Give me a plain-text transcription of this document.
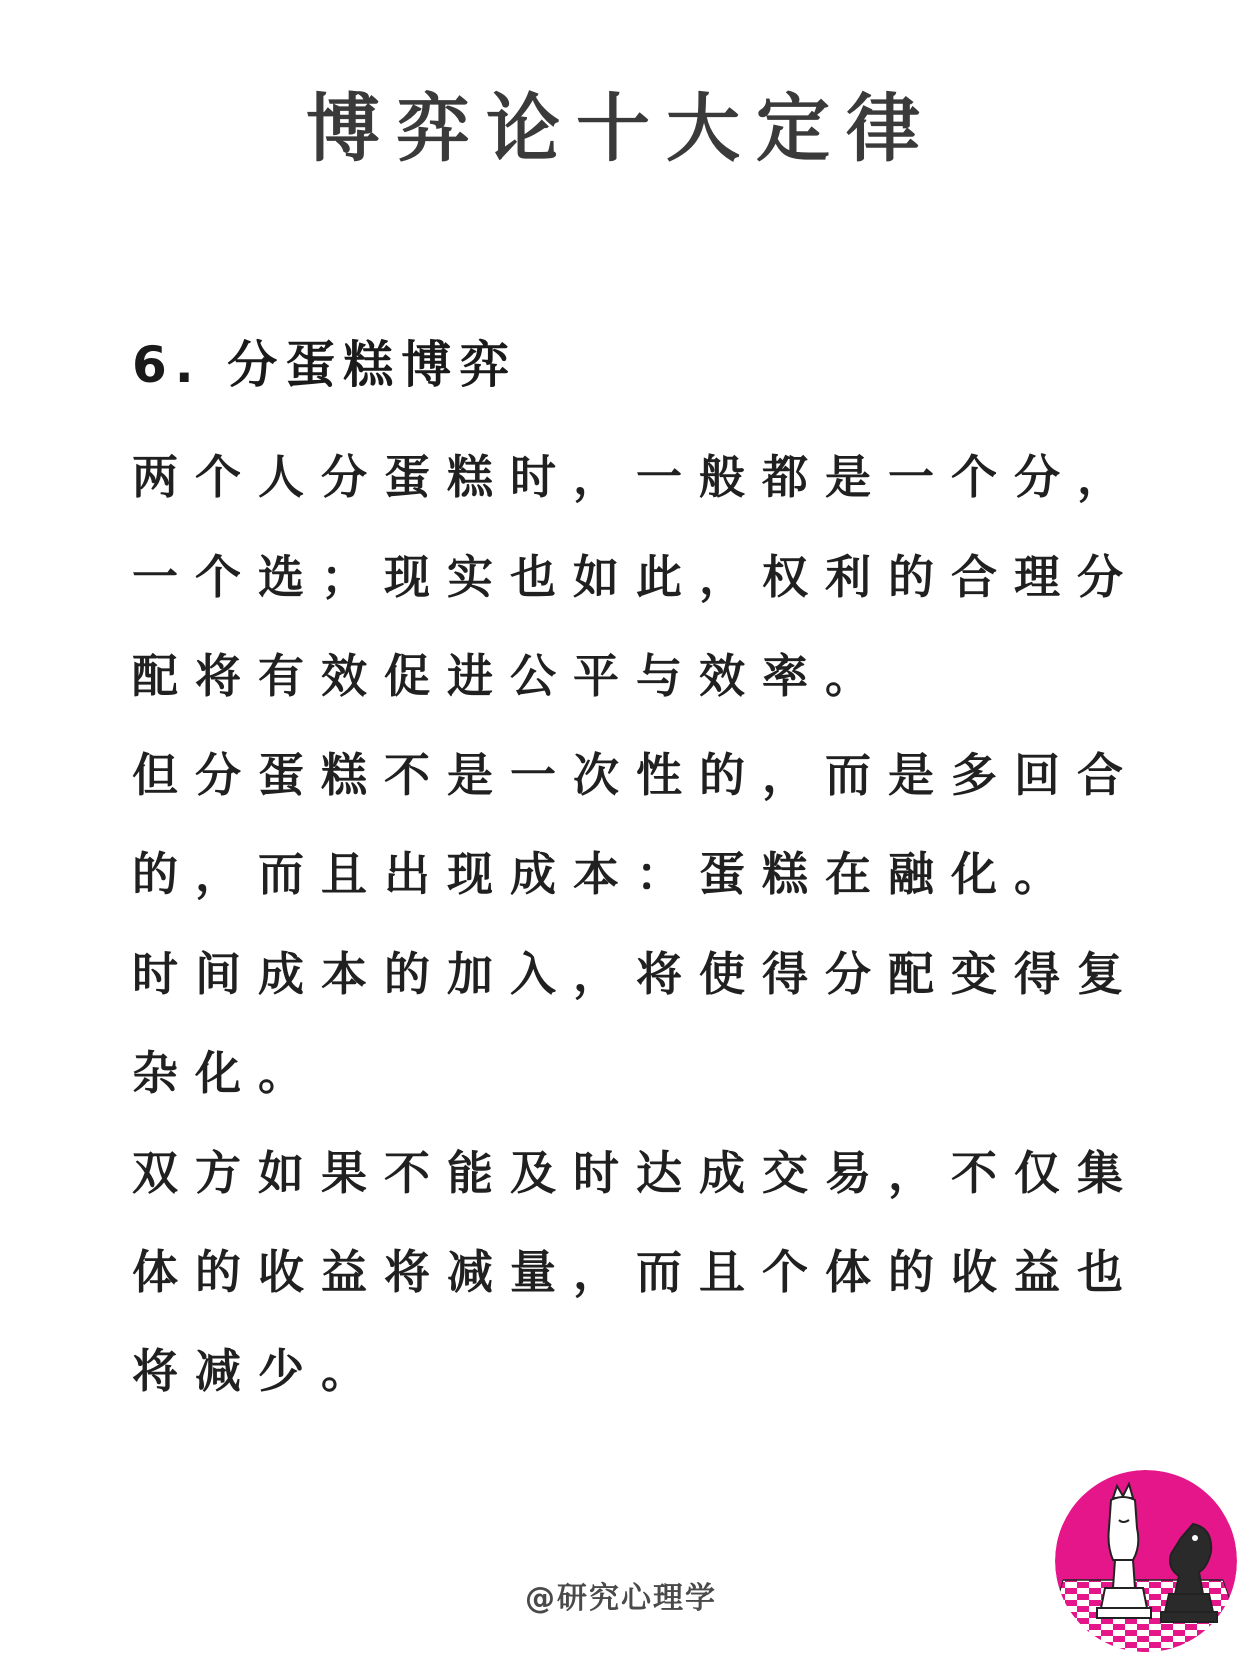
博弈论十大定律
6. 分蛋糕博弈
两个人分蛋糕时，一般都是一个分，
一个选；现实也如此，权利的合理分
配将有效促进公平与效率。
但分蛋糕不是一次性的，而是多回合
的，而且出现成本：蛋糕在融化。
时间成本的加入，将使得分配变得复
杂化。
双方如果不能及时达成交易，不仅集
体的收益将减量，而且个体的收益也
将减少。
@研究心理学
